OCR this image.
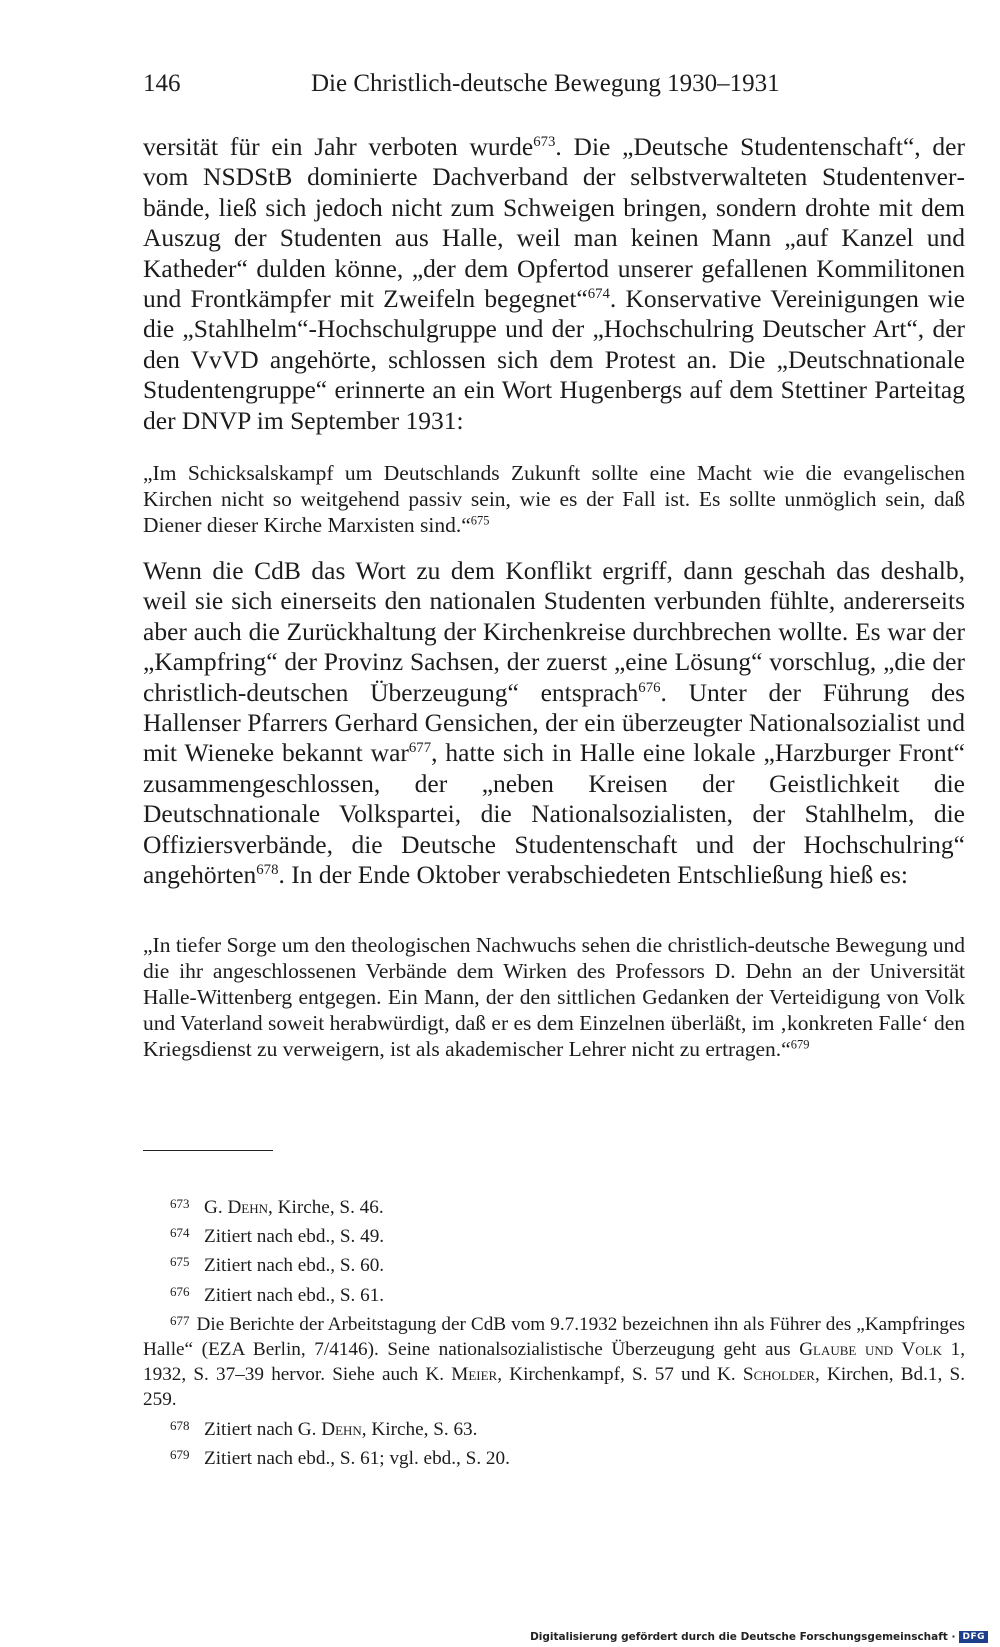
146	Die Christlich-deutsche Bewegung 1930–1931

versität für ein Jahr verboten wurde$^{673}$. Die „Deutsche Studentenschaft“, der vom NSDStB dominierte Dachverband der selbstverwalteten Studentenverbände, ließ sich jedoch nicht zum Schweigen bringen, sondern drohte mit dem Auszug der Studenten aus Halle, weil man keinen Mann „auf Kanzel und Katheder“ dulden könne, „der dem Opfertod unserer gefallenen Kommilitonen und Frontkämpfer mit Zweifeln begegnet“$^{674}$. Konservative Vereinigungen wie die „Stahlhelm“-Hochschulgruppe und der „Hochschulring Deutscher Art“, der den VvVD angehörte, schlossen sich dem Protest an. Die „Deutschnationale Studentengruppe“ erinnerte an ein Wort Hugenbergs auf dem Stettiner Parteitag der DNVP im September 1931:

„Im Schicksalskampf um Deutschlands Zukunft sollte eine Macht wie die evangelischen Kirchen nicht so weitgehend passiv sein, wie es der Fall ist. Es sollte unmöglich sein, daß Diener dieser Kirche Marxisten sind.“$^{675}$

Wenn die CdB das Wort zu dem Konflikt ergriff, dann geschah das deshalb, weil sie sich einerseits den nationalen Studenten verbunden fühlte, andererseits aber auch die Zurückhaltung der Kirchenkreise durchbrechen wollte. Es war der „Kampfring“ der Provinz Sachsen, der zuerst „eine Lösung“ vorschlug, „die der christlich-deutschen Überzeugung“ entsprach$^{676}$. Unter der Führung des Hallenser Pfarrers Gerhard Gensichen, der ein überzeugter Nationalsozialist und mit Wieneke bekannt war$^{677}$, hatte sich in Halle eine lokale „Harzburger Front“ zusammengeschlossen, der „neben Kreisen der Geistlichkeit die Deutschnationale Volkspartei, die Nationalsozialisten, der Stahlhelm, die Offiziersverbände, die Deutsche Studentenschaft und der Hochschulring“ angehörten$^{678}$. In der Ende Oktober verabschiedeten Entschließung hieß es:

„In tiefer Sorge um den theologischen Nachwuchs sehen die christlich-deutsche Bewegung und die ihr angeschlossenen Verbände dem Wirken des Professors D. Dehn an der Universität Halle-Wittenberg entgegen. Ein Mann, der den sittlichen Gedanken der Verteidigung von Volk und Vaterland soweit herabwürdigt, daß er es dem Einzelnen überläßt, im ‚konkreten Falle‘ den Kriegsdienst zu verweigern, ist als akademischer Lehrer nicht zu ertragen.“$^{679}$

673 G. Dehn, Kirche, S. 46.

674 Zitiert nach ebd., S. 49.

675 Zitiert nach ebd., S. 60.

676 Zitiert nach ebd., S. 61.

677 Die Berichte der Arbeitstagung der CdB vom 9.7.1932 bezeichnen ihn als Führer des „Kampfringes Halle“ (EZA Berlin, 7/4146). Seine nationalsozialistische Überzeugung geht aus Glaube und Volk 1, 1932, S. 37–39 hervor. Siehe auch K. Meier, Kirchenkampf, S. 57 und K. Scholder, Kirchen, Bd.1, S. 259.

678 Zitiert nach G. Dehn, Kirche, S. 63.

679 Zitiert nach ebd., S. 61; vgl. ebd., S. 20.

Digitalisierung gefördert durch die Deutsche Forschungsgemeinschaft · DFG
